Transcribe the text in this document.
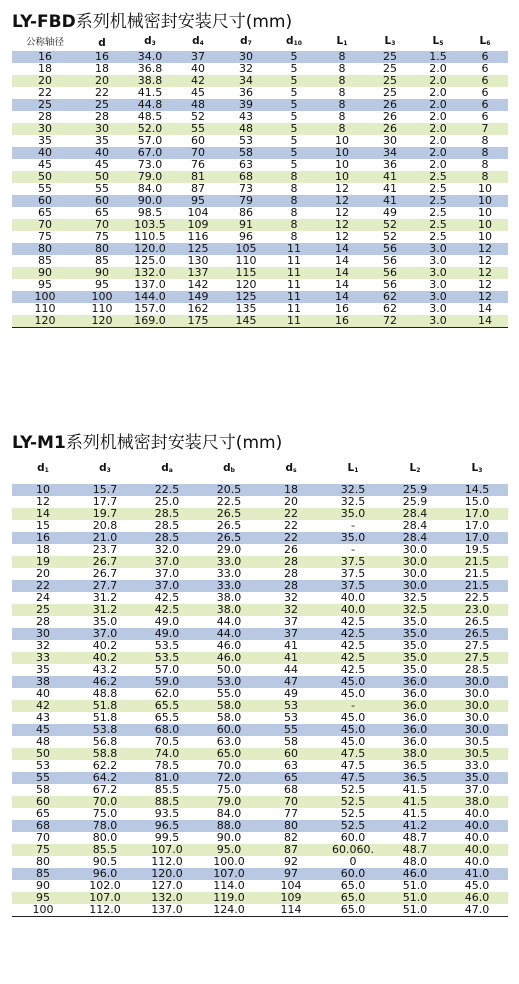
LY-FBD系列机械密封安装尺寸(mm)
公称轴径	d	$d_3$	$d_4$	$d_7$	$d_{10}$	$L_1$	$L_3$	$L_5$	$L_6$
16	16	34.0	37	30	5	8	25	1.5	6
18	18	36.8	40	32	5	8	25	2.0	6
20	20	38.8	42	34	5	8	25	2.0	6
22	22	41.5	45	36	5	8	25	2.0	6
25	25	44.8	48	39	5	8	26	2.0	6
28	28	48.5	52	43	5	8	26	2.0	6
30	30	52.0	55	48	5	8	26	2.0	7
35	35	57.0	60	53	5	10	30	2.0	8
40	40	67.0	70	58	5	10	34	2.0	8
45	45	73.0	76	63	5	10	36	2.0	8
50	50	79.0	81	68	8	10	41	2.5	8
55	55	84.0	87	73	8	12	41	2.5	10
60	60	90.0	95	79	8	12	41	2.5	10
65	65	98.5	104	86	8	12	49	2.5	10
70	70	103.5	109	91	8	12	52	2.5	10
75	75	110.5	116	96	8	12	52	2.5	10
80	80	120.0	125	105	11	14	56	3.0	12
85	85	125.0	130	110	11	14	56	3.0	12
90	90	132.0	137	115	11	14	56	3.0	12
95	95	137.0	142	120	11	14	56	3.0	12
100	100	144.0	149	125	11	14	62	3.0	12
110	110	157.0	162	135	11	16	62	3.0	14
120	120	169.0	175	145	11	16	72	3.0	14

LY-M1系列机械密封安装尺寸(mm)
$d_1$	$d_3$	$d_a$	$d_b$	$d_s$	$L_1$	$L_2$	$L_3$
10	15.7	22.5	20.5	18	32.5	25.9	14.5
12	17.7	25.0	22.5	20	32.5	25.9	15.0
14	19.7	28.5	26.5	22	35.0	28.4	17.0
15	20.8	28.5	26.5	22	-	28.4	17.0
16	21.0	28.5	26.5	22	35.0	28.4	17.0
18	23.7	32.0	29.0	26	-	30.0	19.5
19	26.7	37.0	33.0	28	37.5	30.0	21.5
20	26.7	37.0	33.0	28	37.5	30.0	21.5
22	27.7	37.0	33.0	28	37.5	30.0	21.5
24	31.2	42.5	38.0	32	40.0	32.5	22.5
25	31.2	42.5	38.0	32	40.0	32.5	23.0
28	35.0	49.0	44.0	37	42.5	35.0	26.5
30	37.0	49.0	44.0	37	42.5	35.0	26.5
32	40.2	53.5	46.0	41	42.5	35.0	27.5
33	40.2	53.5	46.0	41	42.5	35.0	27.5
35	43.2	57.0	50.0	44	42.5	35.0	28.5
38	46.2	59.0	53.0	47	45.0	36.0	30.0
40	48.8	62.0	55.0	49	45.0	36.0	30.0
42	51.8	65.5	58.0	53	-	36.0	30.0
43	51.8	65.5	58.0	53	45.0	36.0	30.0
45	53.8	68.0	60.0	55	45.0	36.0	30.0
48	56.8	70.5	63.0	58	45.0	36.0	30.5
50	58.8	74.0	65.0	60	47.5	38.0	30.5
53	62.2	78.5	70.0	63	47.5	36.5	33.0
55	64.2	81.0	72.0	65	47.5	36.5	35.0
58	67.2	85.5	75.0	68	52.5	41.5	37.0
60	70.0	88.5	79.0	70	52.5	41.5	38.0
65	75.0	93.5	84.0	77	52.5	41.5	40.0
68	78.0	96.5	88.0	80	52.5	41.2	40.0
70	80.0	99.5	90.0	82	60.0	48.7	40.0
75	85.5	107.0	95.0	87	60.060.	48.7	40.0
80	90.5	112.0	100.0	92	0	48.0	40.0
85	96.0	120.0	107.0	97	60.0	46.0	41.0
90	102.0	127.0	114.0	104	65.0	51.0	45.0
95	107.0	132.0	119.0	109	65.0	51.0	46.0
100	112.0	137.0	124.0	114	65.0	51.0	47.0
